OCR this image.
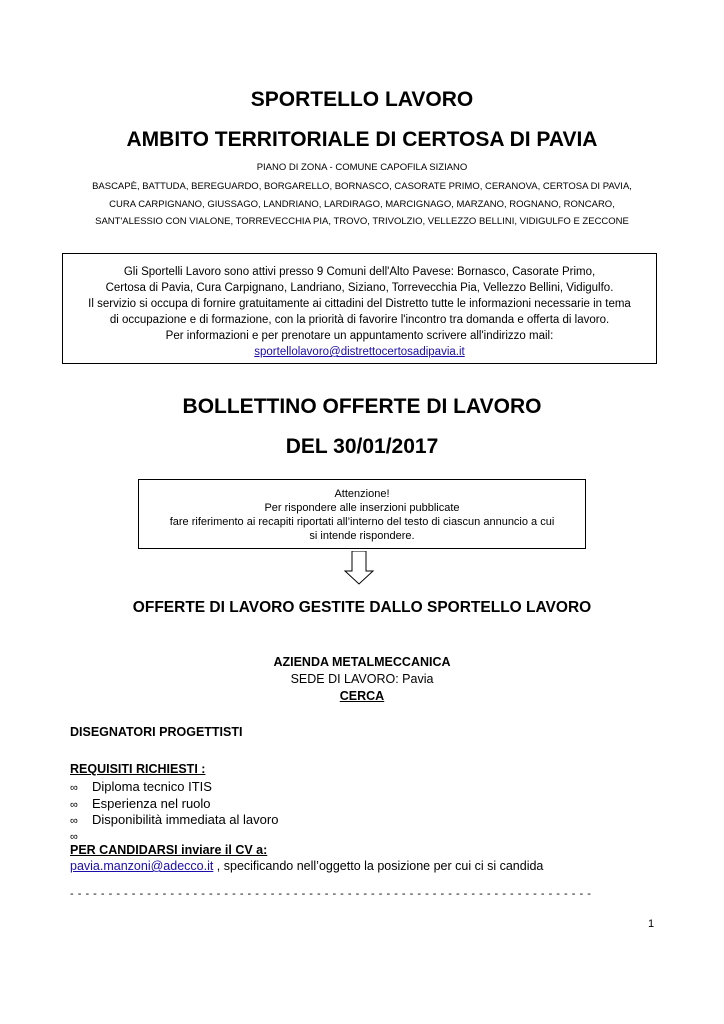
SPORTELLO LAVORO
AMBITO TERRITORIALE DI CERTOSA DI PAVIA
PIANO DI ZONA - COMUNE CAPOFILA SIZIANO
BASCAPÈ, BATTUDA, BEREGUARDO, BORGARELLO, BORNASCO, CASORATE PRIMO, CERANOVA, CERTOSA DI PAVIA,
CURA CARPIGNANO, GIUSSAGO, LANDRIANO, LARDIRAGO, MARCIGNAGO, MARZANO, ROGNANO, RONCARO,
SANT'ALESSIO CON VIALONE, TORREVECCHIA PIA, TROVO, TRIVOLZIO, VELLEZZO BELLINI, VIDIGULFO E ZECCONE
Gli Sportelli Lavoro sono attivi presso 9 Comuni dell'Alto Pavese: Bornasco, Casorate Primo,
Certosa di Pavia, Cura Carpignano, Landriano, Siziano, Torrevecchia Pia, Vellezzo Bellini, Vidigulfo.
Il servizio si occupa di fornire gratuitamente ai cittadini del Distretto tutte le informazioni necessarie in tema
di occupazione e di formazione, con la priorità di favorire l'incontro tra domanda e offerta di lavoro.
Per informazioni e per prenotare un appuntamento scrivere all'indirizzo mail:
sportellolavoro@distrettocertosadipavia.it
BOLLETTINO OFFERTE DI LAVORO
DEL 30/01/2017
Attenzione!
Per rispondere alle inserzioni pubblicate
fare riferimento ai recapiti riportati all’interno del testo di ciascun annuncio a cui
si intende rispondere.
OFFERTE DI LAVORO GESTITE DALLO SPORTELLO LAVORO
AZIENDA METALMECCANICA
SEDE DI LAVORO: Pavia
CERCA
DISEGNATORI PROGETTISTI
REQUISITI RICHIESTI :
∞ Diploma tecnico ITIS
∞ Esperienza nel ruolo
∞ Disponibilità immediata al lavoro
∞
PER CANDIDARSI inviare il CV a:
pavia.manzoni@adecco.it , specificando nell’oggetto la posizione per cui ci si candida
- - - - - - - - - - - - - - - - - - - - - - - - - - - - - - - - - - - - - - - - - - - - - - - - - - - - - - - - - - - - - - - - - - - -
1
